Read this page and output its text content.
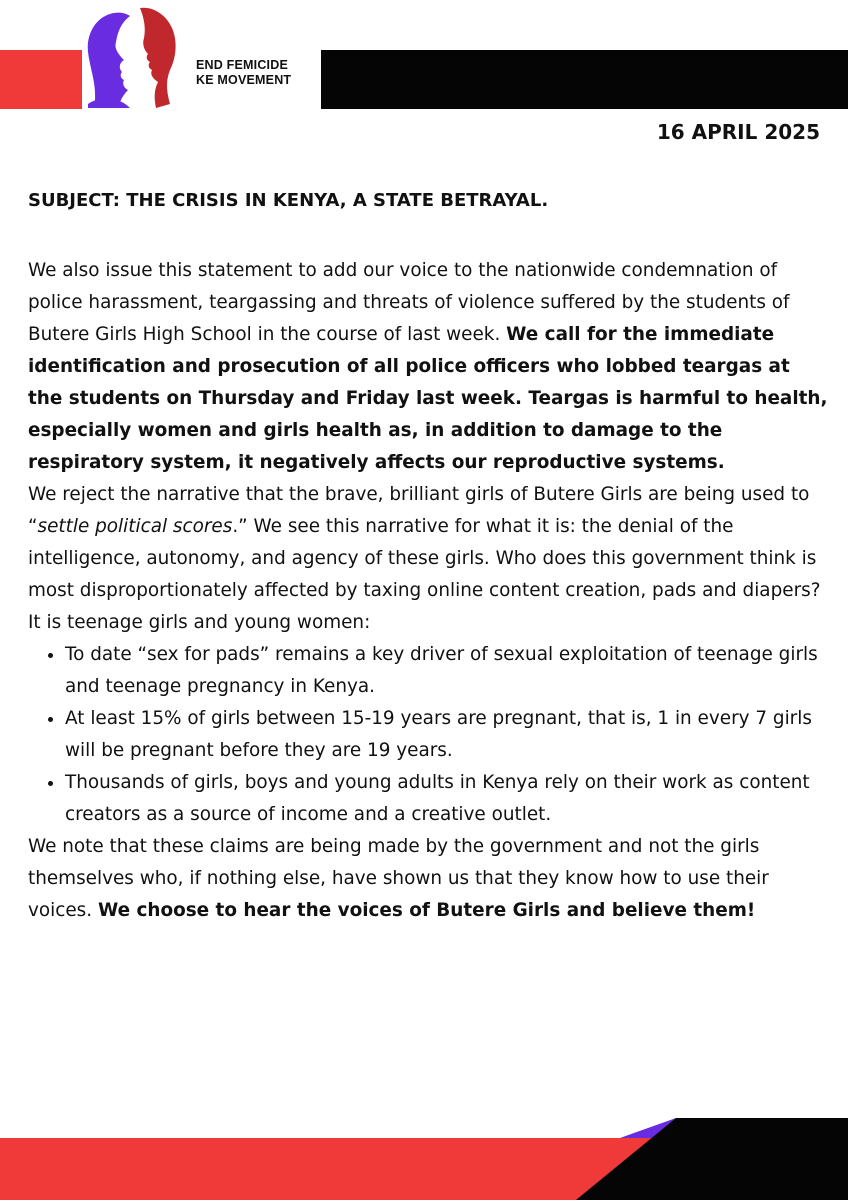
END FEMICIDE
KE MOVEMENT
16 APRIL 2025
SUBJECT: THE CRISIS IN KENYA, A STATE BETRAYAL.

We also issue this statement to add our voice to the nationwide condemnation of police harassment, teargassing and threats of violence suffered by the students of Butere Girls High School in the course of last week. We call for the immediate identification and prosecution of all police officers who lobbed teargas at the students on Thursday and Friday last week. Teargas is harmful to health, especially women and girls health as, in addition to damage to the respiratory system, it negatively affects our reproductive systems.

We reject the narrative that the brave, brilliant girls of Butere Girls are being used to “settle political scores.” We see this narrative for what it is: the denial of the intelligence, autonomy, and agency of these girls. Who does this government think is most disproportionately affected by taxing online content creation, pads and diapers? It is teenage girls and young women:

• To date “sex for pads” remains a key driver of sexual exploitation of teenage girls and teenage pregnancy in Kenya.
• At least 15% of girls between 15-19 years are pregnant, that is, 1 in every 7 girls will be pregnant before they are 19 years.
• Thousands of girls, boys and young adults in Kenya rely on their work as content creators as a source of income and a creative outlet.

We note that these claims are being made by the government and not the girls themselves who, if nothing else, have shown us that they know how to use their voices. We choose to hear the voices of Butere Girls and believe them!
